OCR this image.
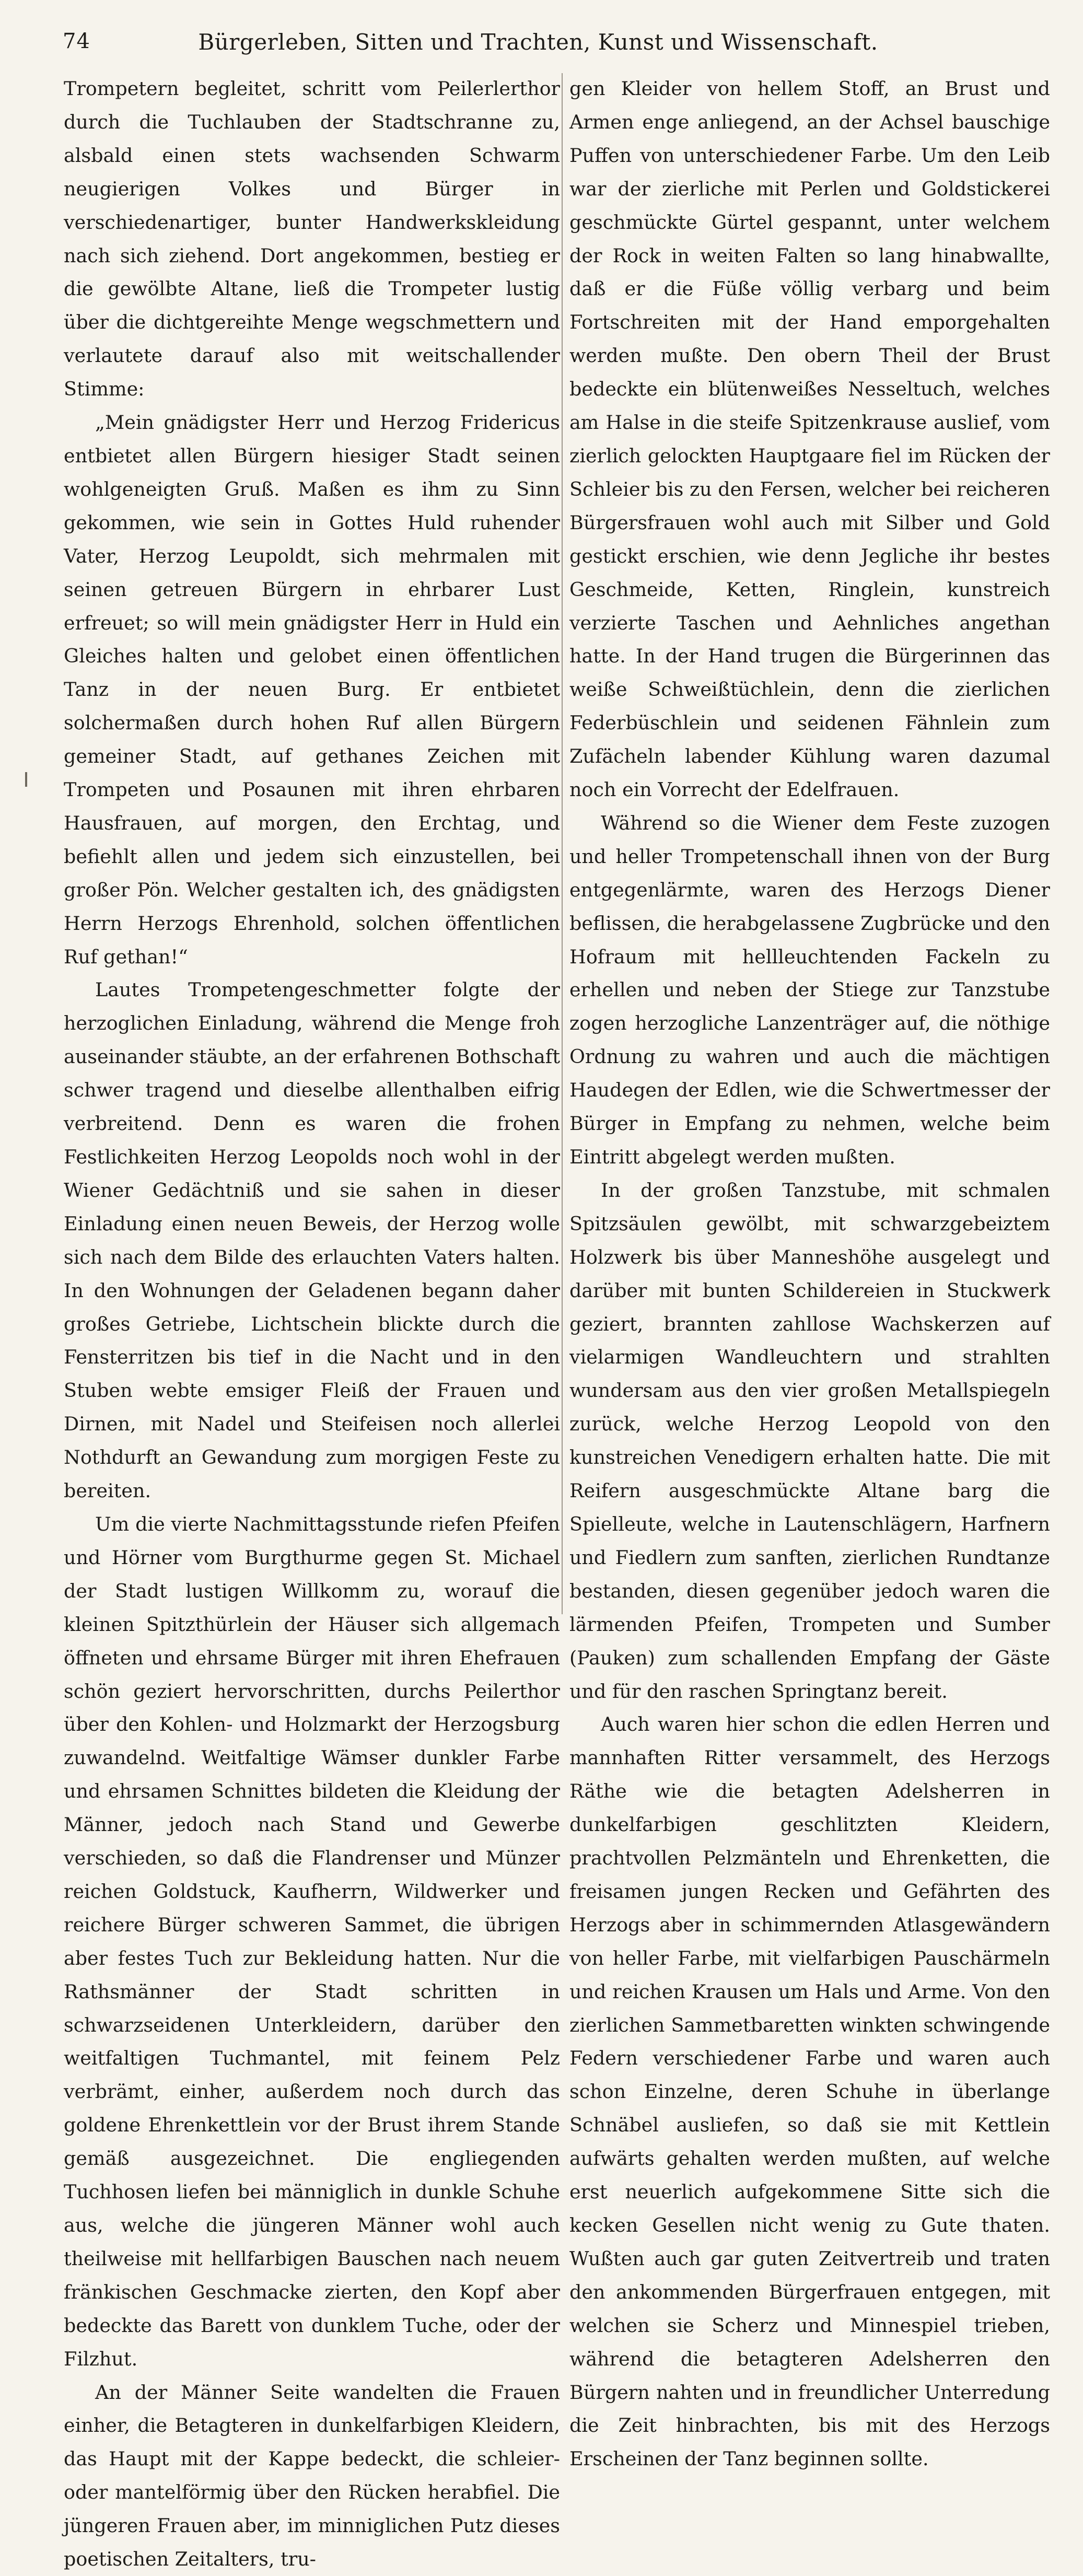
74	Bürgerleben, Sitten und Trachten, Kunst und Wissenschaft.

Trompetern begleitet, schritt vom Peilerlerthor durch die Tuchlauben der Stadtschranne zu, alsbald einen stets wachsenden Schwarm neugierigen Volkes und Bürger in verschiedenartiger, bunter Handwerkskleidung nach sich ziehend. Dort angekommen, bestieg er die gewölbte Altane, ließ die Trompeter lustig über die dichtgereihte Menge wegschmettern und verlautete darauf also mit weitschallender Stimme:

„Mein gnädigster Herr und Herzog Fridericus entbietet allen Bürgern hiesiger Stadt seinen wohlgeneigten Gruß. Maßen es ihm zu Sinn gekommen, wie sein in Gottes Huld ruhender Vater, Herzog Leupoldt, sich mehrmalen mit seinen getreuen Bürgern in ehrbarer Lust erfreuet; so will mein gnädigster Herr in Huld ein Gleiches halten und gelobet einen öffentlichen Tanz in der neuen Burg. Er entbietet solchermaßen durch hohen Ruf allen Bürgern gemeiner Stadt, auf gethanes Zeichen mit Trompeten und Posaunen mit ihren ehrbaren Hausfrauen, auf morgen, den Erchtag, und befiehlt allen und jedem sich einzustellen, bei großer Pön. Welcher gestalten ich, des gnädigsten Herrn Herzogs Ehrenhold, solchen öffentlichen Ruf gethan!“

Lautes Trompetengeschmetter folgte der herzoglichen Einladung, während die Menge froh auseinander stäubte, an der erfahrenen Bothschaft schwer tragend und dieselbe allenthalben eifrig verbreitend. Denn es waren die frohen Festlichkeiten Herzog Leopolds noch wohl in der Wiener Gedächtniß und sie sahen in dieser Einladung einen neuen Beweis, der Herzog wolle sich nach dem Bilde des erlauchten Vaters halten. In den Wohnungen der Geladenen begann daher großes Getriebe, Lichtschein blickte durch die Fensterritzen bis tief in die Nacht und in den Stuben webte emsiger Fleiß der Frauen und Dirnen, mit Nadel und Steifeisen noch allerlei Nothdurft an Gewandung zum morgigen Feste zu bereiten.

Um die vierte Nachmittagsstunde riefen Pfeifen und Hörner vom Burgthurme gegen St. Michael der Stadt lustigen Willkomm zu, worauf die kleinen Spitzthürlein der Häuser sich allgemach öffneten und ehrsame Bürger mit ihren Ehefrauen schön geziert hervorschritten, durchs Peilerthor über den Kohlen- und Holzmarkt der Herzogsburg zuwandelnd. Weitfaltige Wämser dunkler Farbe und ehrsamen Schnittes bildeten die Kleidung der Männer, jedoch nach Stand und Gewerbe verschieden, so daß die Flandrenser und Münzer reichen Goldstuck, Kaufherrn, Wildwerker und reichere Bürger schweren Sammet, die übrigen aber festes Tuch zur Bekleidung hatten. Nur die Rathsmänner der Stadt schritten in schwarzseidenen Unterkleidern, darüber den weitfaltigen Tuchmantel, mit feinem Pelz verbrämt, einher, außerdem noch durch das goldene Ehrenkettlein vor der Brust ihrem Stande gemäß ausgezeichnet. Die engliegenden Tuchhosen liefen bei männiglich in dunkle Schuhe aus, welche die jüngeren Männer wohl auch theilweise mit hellfarbigen Bauschen nach neuem fränkischen Geschmacke zierten, den Kopf aber bedeckte das Barett von dunklem Tuche, oder der Filzhut.

An der Männer Seite wandelten die Frauen einher, die Betagteren in dunkelfarbigen Kleidern, das Haupt mit der Kappe bedeckt, die schleier- oder mantelförmig über den Rücken herabfiel. Die jüngeren Frauen aber, im minniglichen Putz dieses poetischen Zeitalters, tru-

gen Kleider von hellem Stoff, an Brust und Armen enge anliegend, an der Achsel bauschige Puffen von unterschiedener Farbe. Um den Leib war der zierliche mit Perlen und Goldstickerei geschmückte Gürtel gespannt, unter welchem der Rock in weiten Falten so lang hinabwallte, daß er die Füße völlig verbarg und beim Fortschreiten mit der Hand emporgehalten werden mußte. Den obern Theil der Brust bedeckte ein blütenweißes Nesseltuch, welches am Halse in die steife Spitzenkrause auslief, vom zierlich gelockten Hauptgaare fiel im Rücken der Schleier bis zu den Fersen, welcher bei reicheren Bürgersfrauen wohl auch mit Silber und Gold gestickt erschien, wie denn Jegliche ihr bestes Geschmeide, Ketten, Ringlein, kunstreich verzierte Taschen und Aehnliches angethan hatte. In der Hand trugen die Bürgerinnen das weiße Schweißtüchlein, denn die zierlichen Federbüschlein und seidenen Fähnlein zum Zufächeln labender Kühlung waren dazumal noch ein Vorrecht der Edelfrauen.

Während so die Wiener dem Feste zuzogen und heller Trompetenschall ihnen von der Burg entgegenlärmte, waren des Herzogs Diener beflissen, die herabgelassene Zugbrücke und den Hofraum mit hellleuchtenden Fackeln zu erhellen und neben der Stiege zur Tanzstube zogen herzogliche Lanzenträger auf, die nöthige Ordnung zu wahren und auch die mächtigen Haudegen der Edlen, wie die Schwertmesser der Bürger in Empfang zu nehmen, welche beim Eintritt abgelegt werden mußten.

In der großen Tanzstube, mit schmalen Spitzsäulen gewölbt, mit schwarzgebeiztem Holzwerk bis über Manneshöhe ausgelegt und darüber mit bunten Schildereien in Stuckwerk geziert, brannten zahllose Wachskerzen auf vielarmigen Wandleuchtern und strahlten wundersam aus den vier großen Metallspiegeln zurück, welche Herzog Leopold von den kunstreichen Venedigern erhalten hatte. Die mit Reifern ausgeschmückte Altane barg die Spielleute, welche in Lautenschlägern, Harfnern und Fiedlern zum sanften, zierlichen Rundtanze bestanden, diesen gegenüber jedoch waren die lärmenden Pfeifen, Trompeten und Sumber (Pauken) zum schallenden Empfang der Gäste und für den raschen Springtanz bereit.

Auch waren hier schon die edlen Herren und mannhaften Ritter versammelt, des Herzogs Räthe wie die betagten Adelsherren in dunkelfarbigen geschlitzten Kleidern, prachtvollen Pelzmänteln und Ehrenketten, die freisamen jungen Recken und Gefährten des Herzogs aber in schimmernden Atlasgewändern von heller Farbe, mit vielfarbigen Pauschärmeln und reichen Krausen um Hals und Arme. Von den zierlichen Sammetbaretten winkten schwingende Federn verschiedener Farbe und waren auch schon Einzelne, deren Schuhe in überlange Schnäbel ausliefen, so daß sie mit Kettlein aufwärts gehalten werden mußten, auf welche erst neuerlich aufgekommene Sitte sich die kecken Gesellen nicht wenig zu Gute thaten. Wußten auch gar guten Zeitvertreib und traten den ankommenden Bürgerfrauen entgegen, mit welchen sie Scherz und Minnespiel trieben, während die betagteren Adelsherren den Bürgern nahten und in freundlicher Unterredung die Zeit hinbrachten, bis mit des Herzogs Erscheinen der Tanz beginnen sollte.
